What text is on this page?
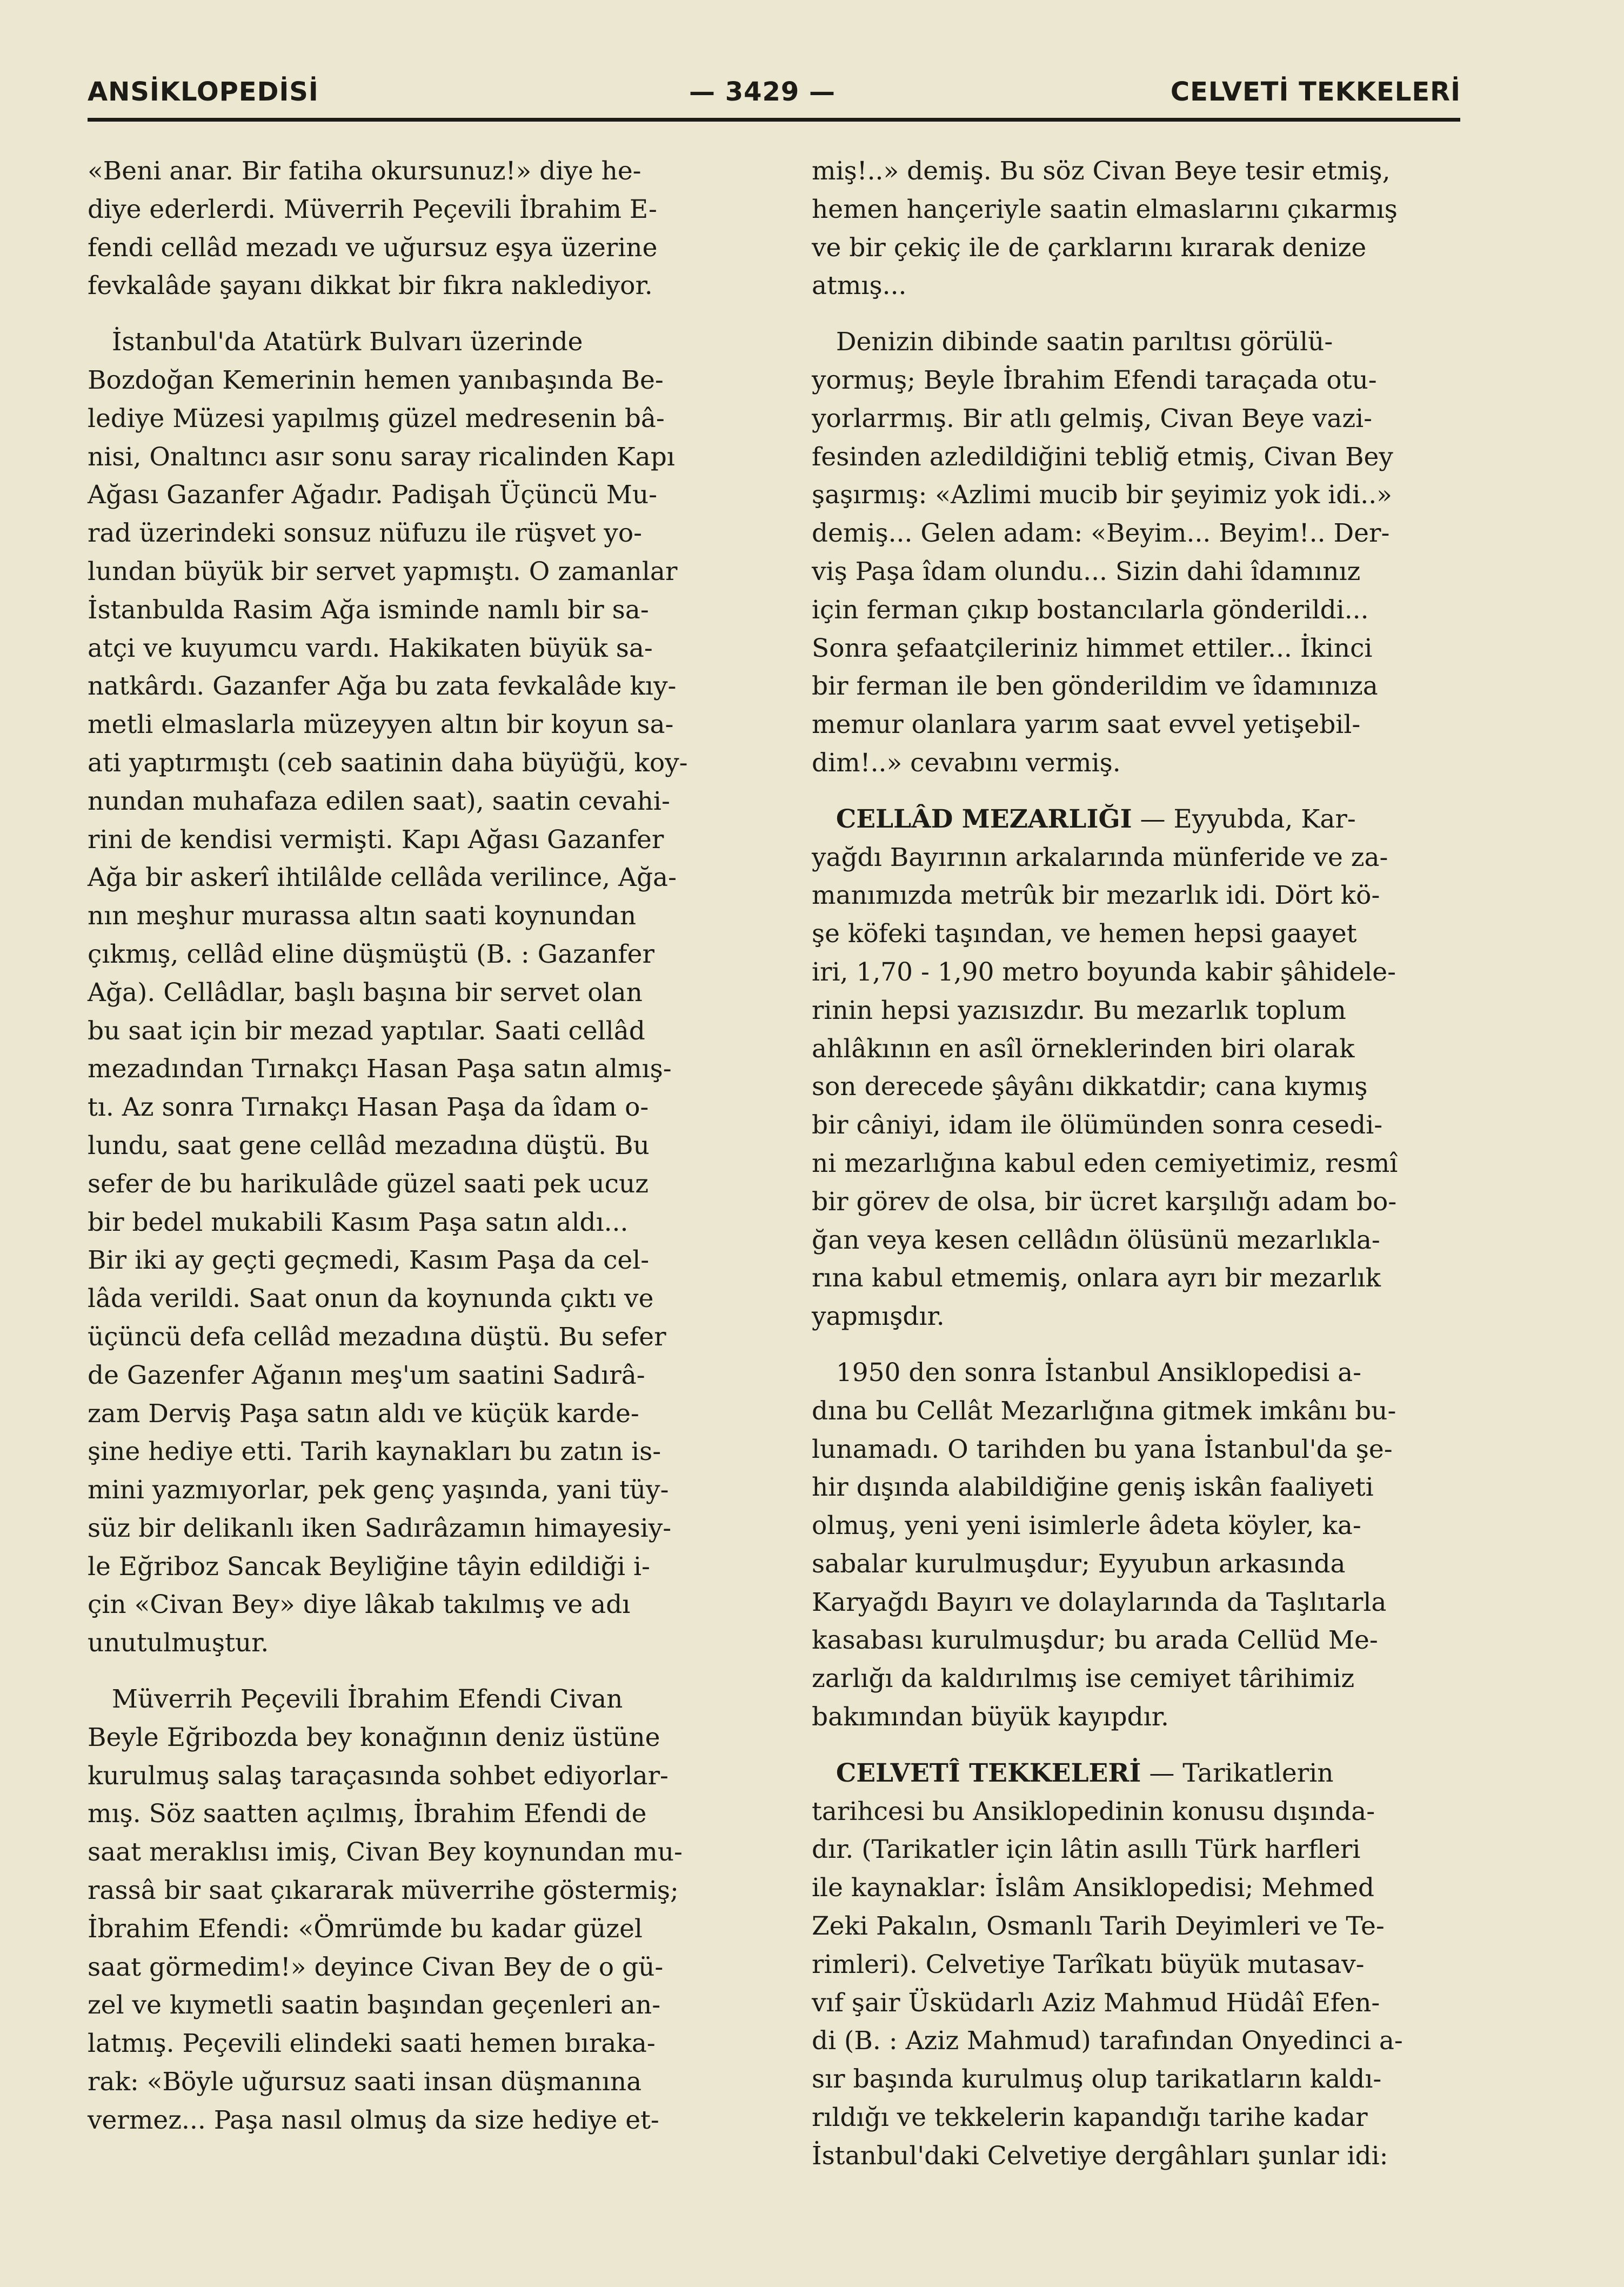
ANSİKLOPEDİSİ	— 3429 —	CELVETİ TEKKELERİ

«Beni anar. Bir fatiha okursunuz!» diye he-

diye ederlerdi. Müverrih Peçevili İbrahim E-

fendi cellâd mezadı ve uğursuz eşya üzerine

fevkalâde şayanı dikkat bir fıkra naklediyor.

İstanbul'da Atatürk Bulvarı üzerinde

Bozdoğan Kemerinin hemen yanıbaşında Be-

lediye Müzesi yapılmış güzel medresenin bâ-

nisi, Onaltıncı asır sonu saray ricalinden Kapı

Ağası Gazanfer Ağadır. Padişah Üçüncü Mu-

rad üzerindeki sonsuz nüfuzu ile rüşvet yo-

lundan büyük bir servet yapmıştı. O zamanlar

İstanbulda Rasim Ağa isminde namlı bir sa-

atçi ve kuyumcu vardı. Hakikaten büyük sa-

natkârdı. Gazanfer Ağa bu zata fevkalâde kıy-

metli elmaslarla müzeyyen altın bir koyun sa-

ati yaptırmıştı (ceb saatinin daha büyüğü, koy-

nundan muhafaza edilen saat), saatin cevahi-

rini de kendisi vermişti. Kapı Ağası Gazanfer

Ağa bir askerî ihtilâlde cellâda verilince, Ağa-

nın meşhur murassa altın saati koynundan

çıkmış, cellâd eline düşmüştü (B. : Gazanfer

Ağa). Cellâdlar, başlı başına bir servet olan

bu saat için bir mezad yaptılar. Saati cellâd

mezadından Tırnakçı Hasan Paşa satın almış-

tı. Az sonra Tırnakçı Hasan Paşa da îdam o-

lundu, saat gene cellâd mezadına düştü. Bu

sefer de bu harikulâde güzel saati pek ucuz

bir bedel mukabili Kasım Paşa satın aldı...

Bir iki ay geçti geçmedi, Kasım Paşa da cel-

lâda verildi. Saat onun da koynunda çıktı ve

üçüncü defa cellâd mezadına düştü. Bu sefer

de Gazenfer Ağanın meş'um saatini Sadırâ-

zam Derviş Paşa satın aldı ve küçük karde-

şine hediye etti. Tarih kaynakları bu zatın is-

mini yazmıyorlar, pek genç yaşında, yani tüy-

süz bir delikanlı iken Sadırâzamın himayesiy-

le Eğriboz Sancak Beyliğine tâyin edildiği i-

çin «Civan Bey» diye lâkab takılmış ve adı

unutulmuştur.

Müverrih Peçevili İbrahim Efendi Civan

Beyle Eğribozda bey konağının deniz üstüne

kurulmuş salaş taraçasında sohbet ediyorlar-

mış. Söz saatten açılmış, İbrahim Efendi de

saat meraklısı imiş, Civan Bey koynundan mu-

rassâ bir saat çıkararak müverrihe göstermiş;

İbrahim Efendi: «Ömrümde bu kadar güzel

saat görmedim!» deyince Civan Bey de o gü-

zel ve kıymetli saatin başından geçenleri an-

latmış. Peçevili elindeki saati hemen bıraka-

rak: «Böyle uğursuz saati insan düşmanına

vermez... Paşa nasıl olmuş da size hediye et-

miş!..» demiş. Bu söz Civan Beye tesir etmiş,

hemen hançeriyle saatin elmaslarını çıkarmış

ve bir çekiç ile de çarklarını kırarak denize

atmış...

Denizin dibinde saatin parıltısı görülü-

yormuş; Beyle İbrahim Efendi taraçada otu-

yorlarrmış. Bir atlı gelmiş, Civan Beye vazi-

fesinden azledildiğini tebliğ etmiş, Civan Bey

şaşırmış: «Azlimi mucib bir şeyimiz yok idi..»

demiş... Gelen adam: «Beyim... Beyim!.. Der-

viş Paşa îdam olundu... Sizin dahi îdamınız

için ferman çıkıp bostancılarla gönderildi...

Sonra şefaatçileriniz himmet ettiler... İkinci

bir ferman ile ben gönderildim ve îdamınıza

memur olanlara yarım saat evvel yetişebil-

dim!..» cevabını vermiş.

CELLÂD MEZARLIĞI — Eyyubda, Kar-

yağdı Bayırının arkalarında münferide ve za-

manımızda metrûk bir mezarlık idi. Dört kö-

şe köfeki taşından, ve hemen hepsi gaayet

iri, 1,70 - 1,90 metro boyunda kabir şâhidele-

rinin hepsi yazısızdır. Bu mezarlık toplum

ahlâkının en asîl örneklerinden biri olarak

son derecede şâyânı dikkatdir; cana kıymış

bir câniyi, idam ile ölümünden sonra cesedi-

ni mezarlığına kabul eden cemiyetimiz, resmî

bir görev de olsa, bir ücret karşılığı adam bo-

ğan veya kesen cellâdın ölüsünü mezarlıkla-

rına kabul etmemiş, onlara ayrı bir mezarlık

yapmışdır.

1950 den sonra İstanbul Ansiklopedisi a-

dına bu Cellât Mezarlığına gitmek imkânı bu-

lunamadı. O tarihden bu yana İstanbul'da şe-

hir dışında alabildiğine geniş iskân faaliyeti

olmuş, yeni yeni isimlerle âdeta köyler, ka-

sabalar kurulmuşdur; Eyyubun arkasında

Karyağdı Bayırı ve dolaylarında da Taşlıtarla

kasabası kurulmuşdur; bu arada Cellüd Me-

zarlığı da kaldırılmış ise cemiyet târihimiz

bakımından büyük kayıpdır.

CELVETÎ TEKKELERİ — Tarikatlerin

tarihcesi bu Ansiklopedinin konusu dışında-

dır. (Tarikatler için lâtin asıllı Türk harfleri

ile kaynaklar: İslâm Ansiklopedisi; Mehmed

Zeki Pakalın, Osmanlı Tarih Deyimleri ve Te-

rimleri). Celvetiye Tarîkatı büyük mutasav-

vıf şair Üsküdarlı Aziz Mahmud Hüdâî Efen-

di (B. : Aziz Mahmud) tarafından Onyedinci a-

sır başında kurulmuş olup tarikatların kaldı-

rıldığı ve tekkelerin kapandığı tarihe kadar

İstanbul'daki Celvetiye dergâhları şunlar idi:
